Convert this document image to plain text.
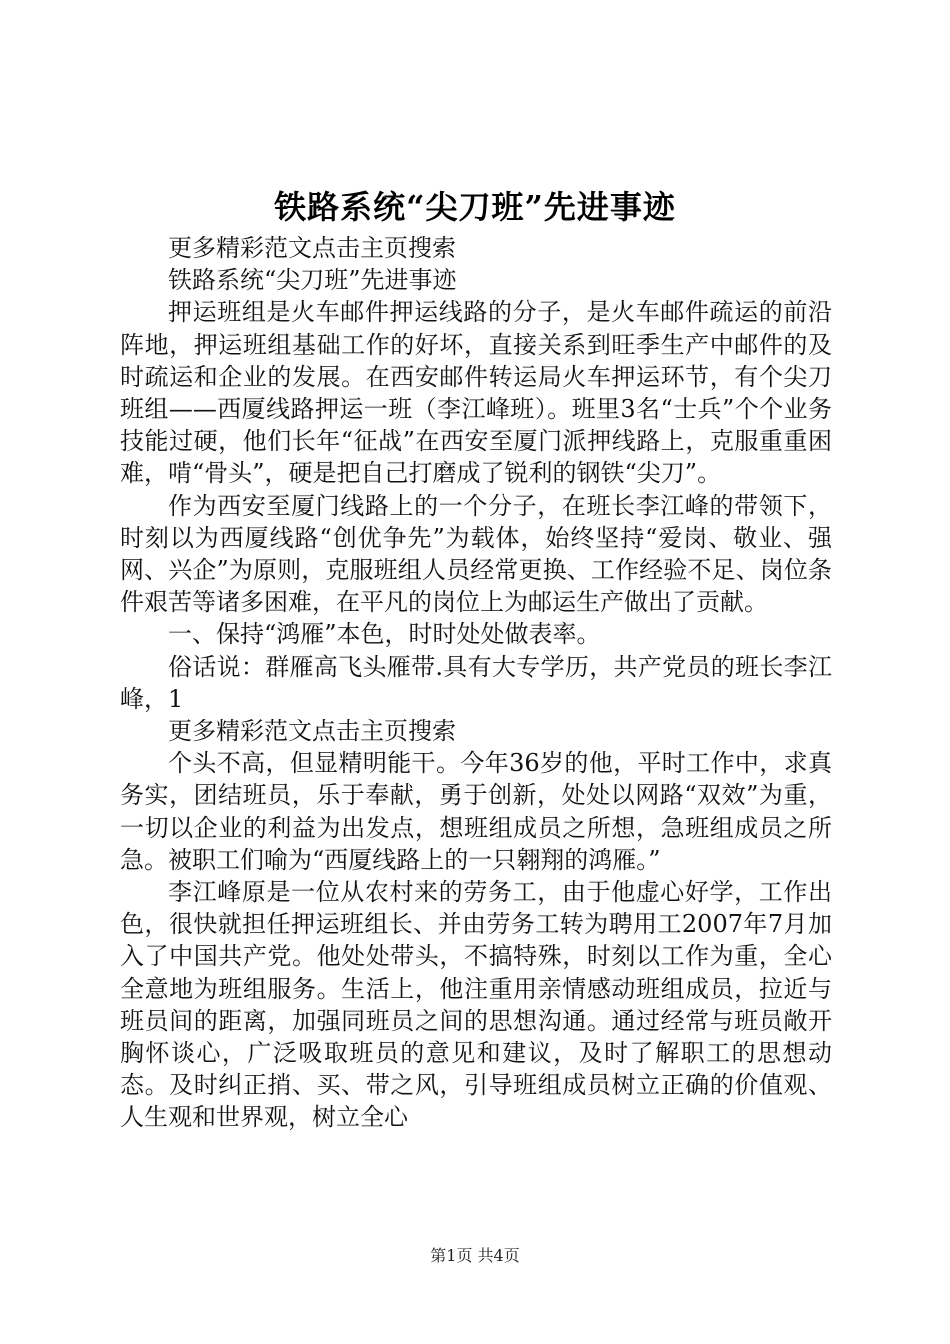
铁路系统“尖刀班”先进事迹

更多精彩范文点击主页搜索

铁路系统“尖刀班”先进事迹

押运班组是火车邮件押运线路的分子，是火车邮件疏运的前沿阵地，押运班组基础工作的好坏，直接关系到旺季生产中邮件的及时疏运和企业的发展。在西安邮件转运局火车押运环节，有个尖刀班组——西厦线路押运一班（李江峰班）。班里3名“士兵”个个业务技能过硬，他们长年“征战”在西安至厦门派押线路上，克服重重困难，啃“骨头”，硬是把自己打磨成了锐利的钢铁“尖刀”。

作为西安至厦门线路上的一个分子，在班长李江峰的带领下，时刻以为西厦线路“创优争先”为载体，始终坚持“爱岗、敬业、强网、兴企”为原则，克服班组人员经常更换、工作经验不足、岗位条件艰苦等诸多困难，在平凡的岗位上为邮运生产做出了贡献。

一、保持“鸿雁”本色，时时处处做表率。

俗话说：群雁高飞头雁带.具有大专学历，共产党员的班长李江峰，1

更多精彩范文点击主页搜索

个头不高，但显精明能干。今年36岁的他，平时工作中，求真务实，团结班员，乐于奉献，勇于创新，处处以网路“双效”为重，一切以企业的利益为出发点，想班组成员之所想，急班组成员之所急。被职工们喻为“西厦线路上的一只翱翔的鸿雁。”

李江峰原是一位从农村来的劳务工，由于他虚心好学，工作出色，很快就担任押运班组长、并由劳务工转为聘用工2007年7月加入了中国共产党。他处处带头，不搞特殊，时刻以工作为重，全心全意地为班组服务。生活上，他注重用亲情感动班组成员，拉近与班员间的距离，加强同班员之间的思想沟通。通过经常与班员敞开胸怀谈心，广泛吸取班员的意见和建议，及时了解职工的思想动态。及时纠正捎、买、带之风，引导班组成员树立正确的价值观、人生观和世界观，树立全心

第1页 共4页
